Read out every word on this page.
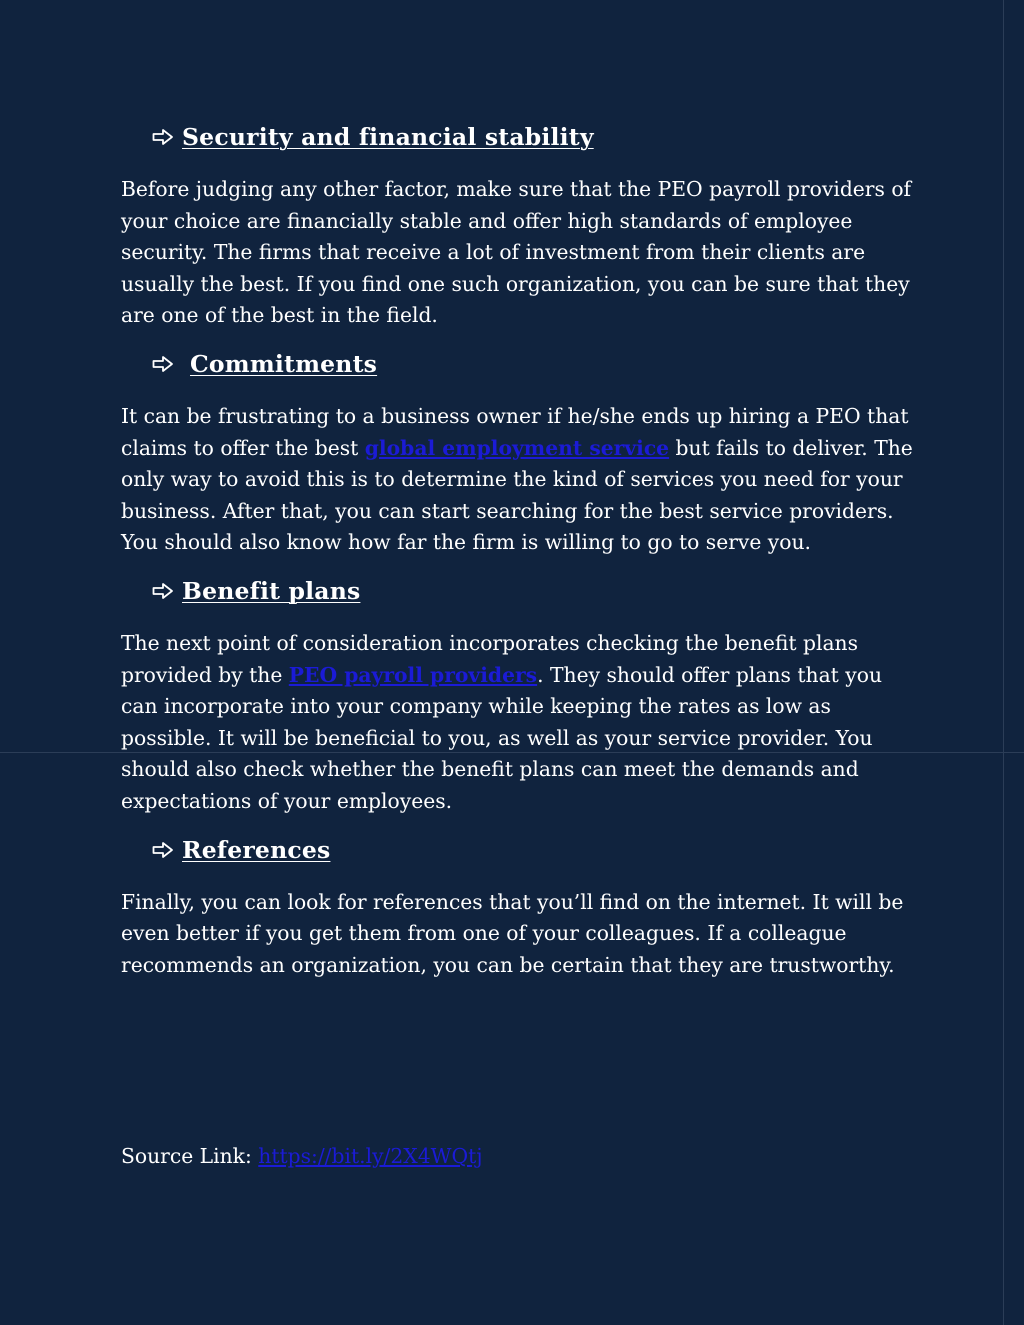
Security and financial stability

Before judging any other factor, make sure that the PEO payroll providers of your choice are financially stable and offer high standards of employee security. The firms that receive a lot of investment from their clients are usually the best. If you find one such organization, you can be sure that they are one of the best in the field.

Commitments

It can be frustrating to a business owner if he/she ends up hiring a PEO that claims to offer the best global employment service but fails to deliver. The only way to avoid this is to determine the kind of services you need for your business. After that, you can start searching for the best service providers. You should also know how far the firm is willing to go to serve you.

Benefit plans

The next point of consideration incorporates checking the benefit plans provided by the PEO payroll providers. They should offer plans that you can incorporate into your company while keeping the rates as low as possible. It will be beneficial to you, as well as your service provider. You should also check whether the benefit plans can meet the demands and expectations of your employees.

References

Finally, you can look for references that you’ll find on the internet. It will be even better if you get them from one of your colleagues. If a colleague recommends an organization, you can be certain that they are trustworthy.

Source Link: https://bit.ly/2X4WQtj
